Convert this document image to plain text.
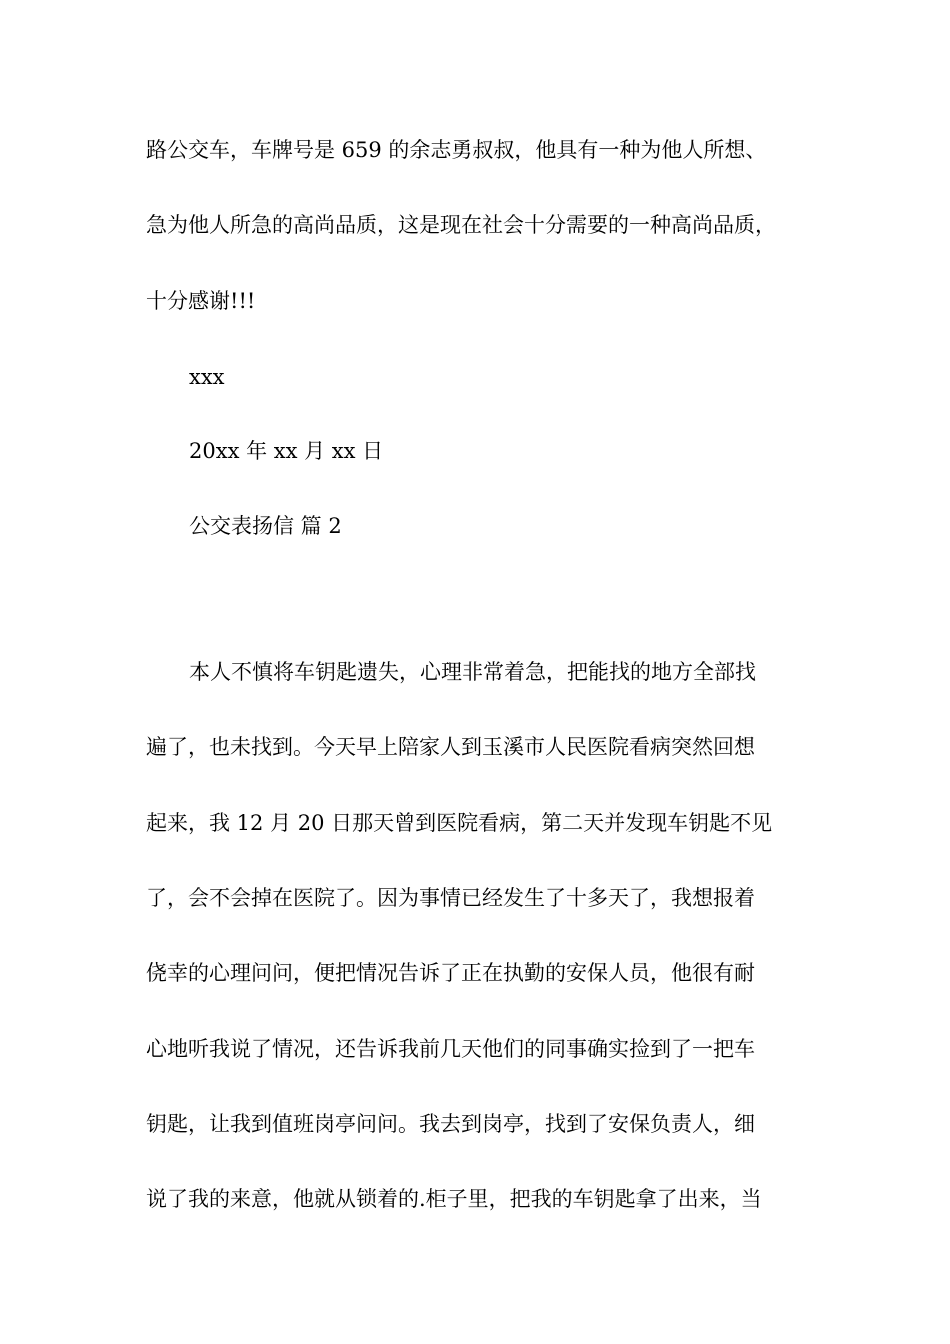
路公交车，车牌号是 659 的余志勇叔叔，他具有一种为他人所想、
急为他人所急的高尚品质，这是现在社会十分需要的一种高尚品质，
十分感谢!!!
xxx
20xx 年 xx 月 xx 日
公交表扬信 篇 2
本人不慎将车钥匙遗失，心理非常着急，把能找的地方全部找
遍了，也未找到。今天早上陪家人到玉溪市人民医院看病突然回想
起来，我 12 月 20 日那天曾到医院看病，第二天并发现车钥匙不见
了，会不会掉在医院了。因为事情已经发生了十多天了，我想报着
侥幸的心理问问，便把情况告诉了正在执勤的安保人员，他很有耐
心地听我说了情况，还告诉我前几天他们的同事确实捡到了一把车
钥匙，让我到值班岗亭问问。我去到岗亭，找到了安保负责人，细
说了我的来意，他就从锁着的.柜子里，把我的车钥匙拿了出来，当
